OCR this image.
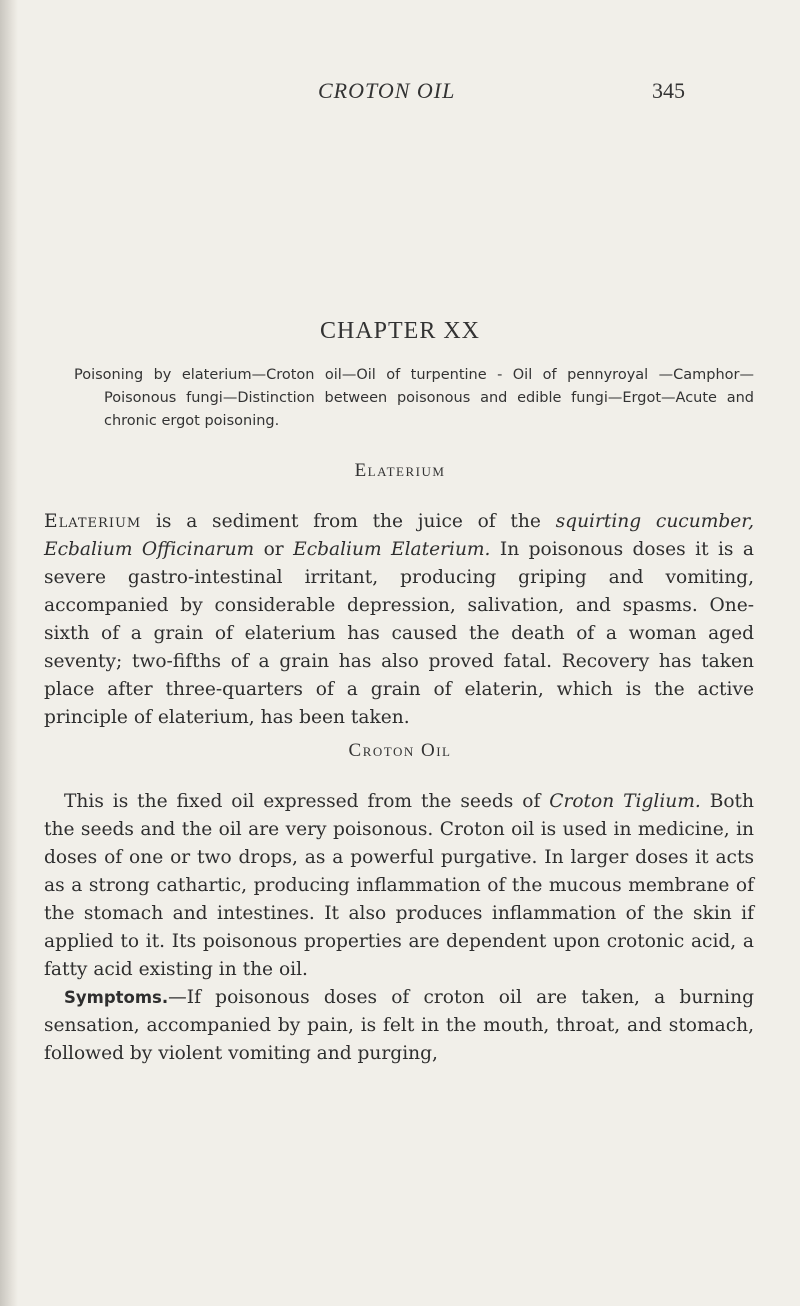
CROTON OIL	345
CHAPTER XX
Poisoning by elaterium—Croton oil—Oil of turpentine - Oil of pennyroyal —Camphor— Poisonous fungi—Distinction between poisonous and edible fungi—Ergot—Acute and chronic ergot poisoning.
Elaterium

Elaterium is a sediment from the juice of the squirting cucumber, Ecbalium Officinarum or Ecbalium Elaterium. In poisonous doses it is a severe gastro-intestinal irritant, producing griping and vomiting, accompanied by considerable depression, salivation, and spasms. One-sixth of a grain of elaterium has caused the death of a woman aged seventy; two-fifths of a grain has also proved fatal. Recovery has taken place after three-quarters of a grain of elaterin, which is the active principle of elaterium, has been taken.

Croton Oil

This is the fixed oil expressed from the seeds of Croton Tiglium. Both the seeds and the oil are very poisonous. Croton oil is used in medicine, in doses of one or two drops, as a powerful purgative. In larger doses it acts as a strong cathartic, producing inflammation of the mucous membrane of the stomach and intestines. It also produces inflammation of the skin if applied to it. Its poisonous properties are dependent upon crotonic acid, a fatty acid existing in the oil.

Symptoms.—If poisonous doses of croton oil are taken, a burning sensation, accompanied by pain, is felt in the mouth, throat, and stomach, followed by violent vomiting and purging,
